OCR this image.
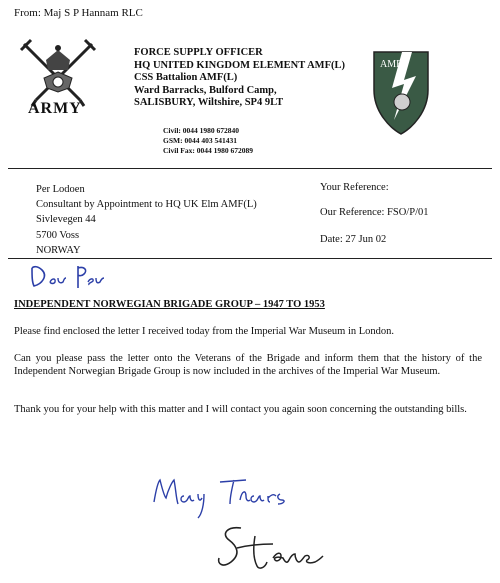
From: Maj S P Hannam RLC
ARMY
FORCE SUPPLY OFFICER
HQ UNITED KINGDOM ELEMENT AMF(L)
CSS Battalion AMF(L)
Ward Barracks, Bulford Camp,
SALISBURY, Wiltshire, SP4 9LT
Civil: 0044 1980 672840
GSM: 0044 403 541431
Civil Fax: 0044 1980 672089
AMF
Per Lodoen
Consultant by Appointment to HQ UK Elm AMF(L)
Sivlevegen 44
5700 Voss
NORWAY
Your Reference:
Our Reference: FSO/P/01
Date: 27 Jun 02
Dear Per
INDEPENDENT NORWEGIAN BRIGADE GROUP – 1947 TO 1953
Please find enclosed the letter I received today from the Imperial War Museum in London.
Can you please pass the letter onto the Veterans of the Brigade and inform them that the history of the Independent Norwegian Brigade Group is now included in the archives of the Imperial War Museum.
Thank you for your help with this matter and I will contact you again soon concerning the outstanding bills.
Many Thanks
Steve
